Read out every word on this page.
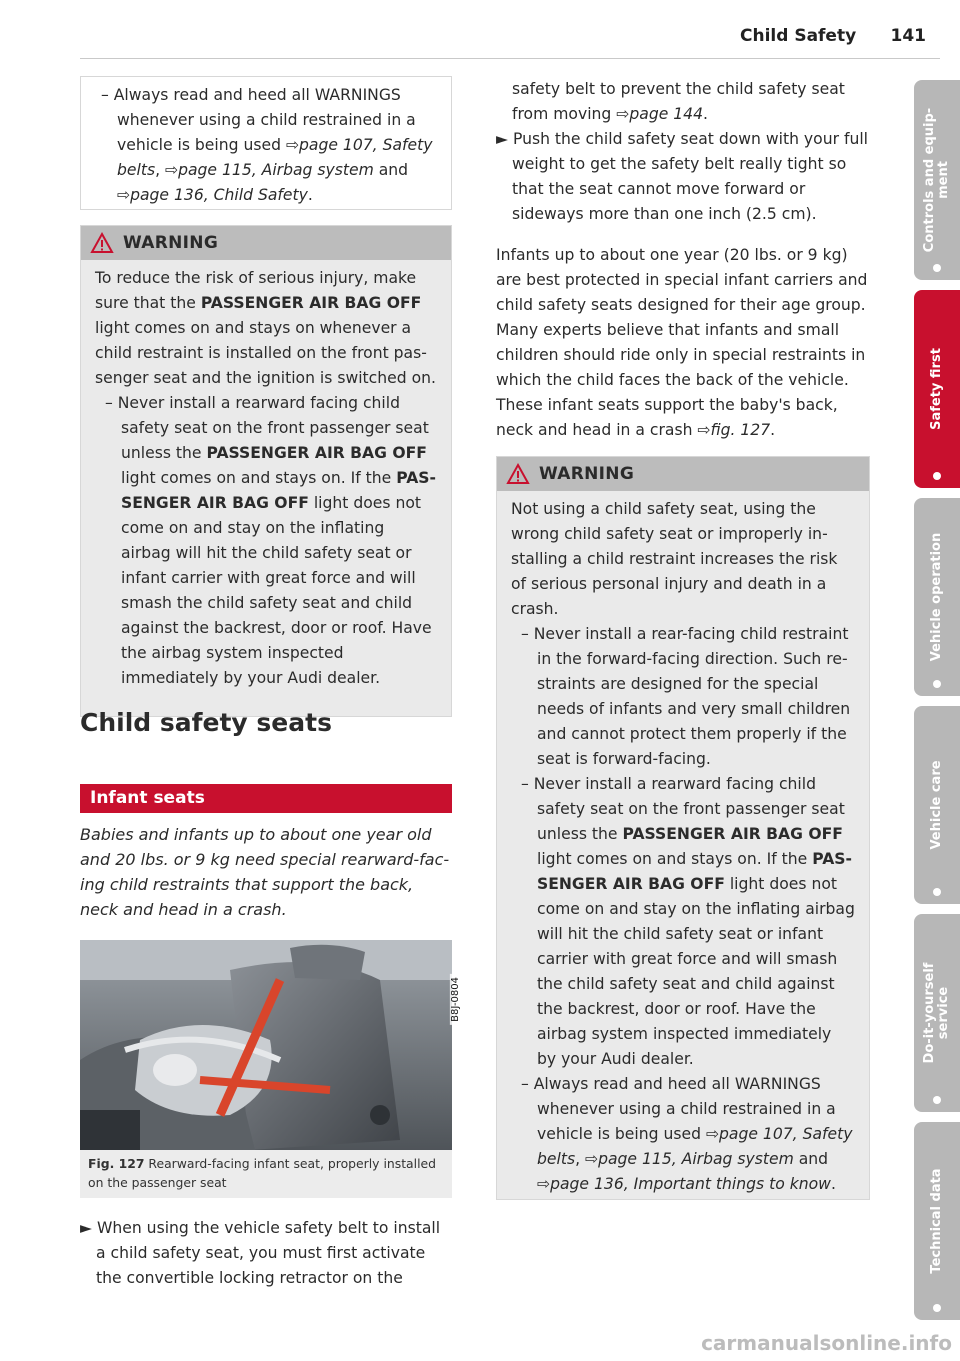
Child Safety 141
– Always read and heed all WARNINGS whenever using a child restrained in a vehicle is being used ⇨page 107, Safety belts, ⇨page 115, Airbag system and ⇨page 136, Child Safety.
WARNING
To reduce the risk of serious injury, make sure that the PASSENGER AIR BAG OFF light comes on and stays on whenever a child restraint is installed on the front passenger seat and the ignition is switched on.
– Never install a rearward facing child safety seat on the front passenger seat unless the PASSENGER AIR BAG OFF light comes on and stays on. If the PASSENGER AIR BAG OFF light does not come on and stay on the inflating airbag will hit the child safety seat or infant carrier with great force and will smash the child safety seat and child against the backrest, door or roof. Have the airbag system inspected immediately by your Audi dealer.
Child safety seats
Infant seats
Babies and infants up to about one year old and 20 lbs. or 9 kg need special rearward-facing child restraints that support the back, neck and head in a crash.
B8J-0804
Fig. 127 Rearward-facing infant seat, properly installed on the passenger seat
► When using the vehicle safety belt to install a child safety seat, you must first activate the convertible locking retractor on the
safety belt to prevent the child safety seat from moving ⇨page 144.
► Push the child safety seat down with your full weight to get the safety belt really tight so that the seat cannot move forward or sideways more than one inch (2.5 cm).
Infants up to about one year (20 lbs. or 9 kg) are best protected in special infant carriers and child safety seats designed for their age group. Many experts believe that infants and small children should ride only in special restraints in which the child faces the back of the vehicle. These infant seats support the baby's back, neck and head in a crash ⇨fig. 127.
WARNING
Not using a child safety seat, using the wrong child safety seat or improperly installing a child restraint increases the risk of serious personal injury and death in a crash.
– Never install a rear-facing child restraint in the forward-facing direction. Such restraints are designed for the special needs of infants and very small children and cannot protect them properly if the seat is forward-facing.
– Never install a rearward facing child safety seat on the front passenger seat unless the PASSENGER AIR BAG OFF light comes on and stays on. If the PASSENGER AIR BAG OFF light does not come on and stay on the inflating airbag will hit the child safety seat or infant carrier with great force and will smash the child safety seat and child against the backrest, door or roof. Have the airbag system inspected immediately by your Audi dealer.
– Always read and heed all WARNINGS whenever using a child restrained in a vehicle is being used ⇨page 107, Safety belts, ⇨page 115, Airbag system and ⇨page 136, Important things to know.
Controls and equip-
ment
Safety first
Vehicle operation
Vehicle care
Do-it-yourself
service
Technical data
carmanualsonline.info
